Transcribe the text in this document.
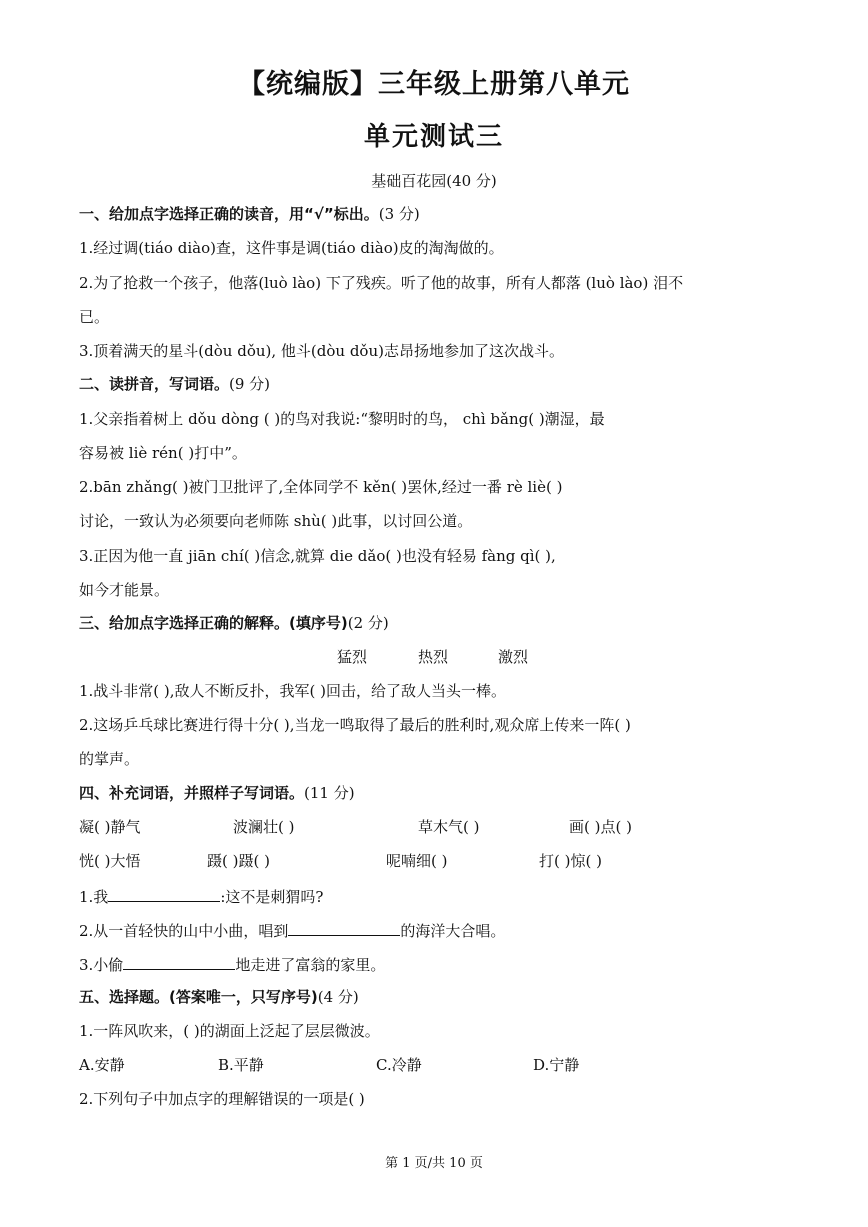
【统编版】三年级上册第八单元
单元测试三
基础百花园(40 分)
一、给加点字选择正确的读音，用“√”标出。(3 分)
1.经过调(tiáo diào)查，这件事是调(tiáo diào)皮的淘淘做的。
2.为了抢救一个孩子，他落(luò lào) 下了残疾。听了他的故事，所有人都落 (luò lào) 泪不
已。
3.顶着满天的星斗(dòu dǒu), 他斗(dòu dǒu)志昂扬地参加了这次战斗。
二、读拼音，写词语。(9 分)
1.父亲指着树上 dǒu dòng ( )的鸟对我说:“黎明时的鸟， chì bǎng( )潮湿，最
容易被 liè rén( )打中”。
2.bān zhǎng( )被门卫批评了,全体同学不 kěn( )罢休,经过一番 rè liè( )
讨论，一致认为必须要向老师陈 shù( )此事，以讨回公道。
3.正因为他一直 jiān chí( )信念,就算 die dǎo( )也没有轻易 fàng qì( ),
如今才能景。
三、给加点字选择正确的解释。(填序号)(2 分)
猛烈	热烈	激烈
1.战斗非常( ),敌人不断反扑，我军( )回击，给了敌人当头一棒。
2.这场乒乓球比赛进行得十分( ),当龙一鸣取得了最后的胜利时,观众席上传来一阵( )
的掌声。
四、补充词语，并照样子写词语。(11 分)
凝( )静气	波澜壮( )	草木气( )	画( )点( )
恍( )大悟	蹑( )蹑( )	呢喃细( )	打( )惊( )
1.我	:这不是刺猬吗?
2.从一首轻快的山中小曲，唱到	的海洋大合唱。
3.小偷	地走进了富翁的家里。
五、选择题。(答案唯一，只写序号)(4 分)
1.一阵风吹来，( )的湖面上泛起了层层微波。
A.安静	B.平静	C.冷静	D.宁静
2.下列句子中加点字的理解错误的一项是( )
第 1 页/共 10 页
